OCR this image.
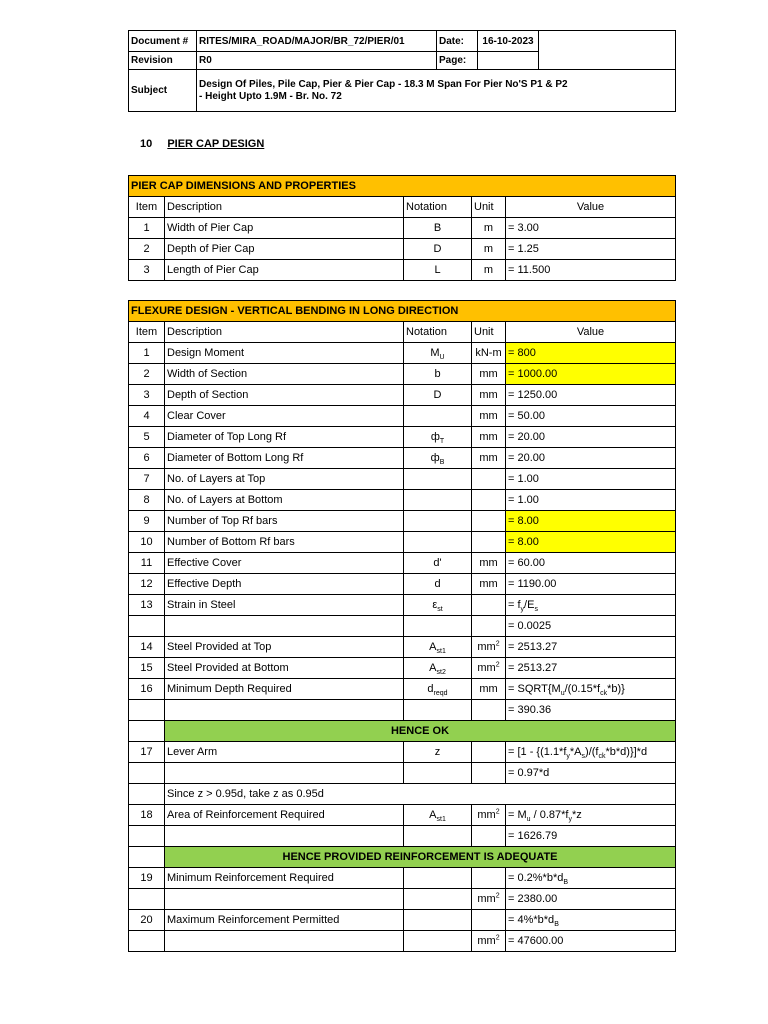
Document #	RITES/MIRA_ROAD/MAJOR/BR_72/PIER/01	Date:	16-10-2023	
Revision	R0	Page:		
Subject	Design Of Piles, Pile Cap, Pier & Pier Cap - 18.3 M Span For Pier No'S P1 & P2
- Height Upto 1.9M - Br. No. 72			
10 PIER CAP DESIGN
PIER CAP DIMENSIONS AND PROPERTIES				
Item	Description	Notation	Unit	Value
1	Width of Pier Cap	B	m	= 3.00
2	Depth of Pier Cap	D	m	= 1.25
3	Length of Pier Cap	L	m	= 11.500
FLEXURE DESIGN - VERTICAL BENDING IN LONG DIRECTION				
Item	Description	Notation	Unit	Value
1	Design Moment	$M_U$	kN-m	= 800
2	Width of Section	b	mm	= 1000.00
3	Depth of Section	D	mm	= 1250.00
4	Clear Cover		mm	= 50.00
5	Diameter of Top Long Rf	$ф_T$	mm	= 20.00
6	Diameter of Bottom Long Rf	$ф_B$	mm	= 20.00
7	No. of Layers at Top			= 1.00
8	No. of Layers at Bottom			= 1.00
9	Number of Top Rf bars			= 8.00
10	Number of Bottom Rf bars			= 8.00
11	Effective Cover	d'	mm	= 60.00
12	Effective Depth	d	mm	= 1190.00
13	Strain in Steel	$\varepsilon_{st}$		= $f_y/E_s$
				= 0.0025
14	Steel Provided at Top	$A_{st1}$	$mm^2$	= 2513.27
15	Steel Provided at Bottom	$A_{st2}$	$mm^2$	= 2513.27
16	Minimum Depth Required	$d_{reqd}$	mm	= $SQRT\{M_u/(0.15*f_{ck}*b)\}$
				= 390.36
	HENCE OK			
17	Lever Arm	z		= $[1 - \{(1.1*f_y*A_s)/(f_{ck}*b*d)\}]*d$
				= 0.97*d
	Since z > 0.95d, take z as 0.95d			
18	Area of Reinforcement Required	$A_{st1}$	$mm^2$	= $M_u / 0.87*f_y*z$
				= 1626.79
	HENCE PROVIDED REINFORCEMENT IS ADEQUATE			
19	Minimum Reinforcement Required			= $0.2\%*b*d_B$
			$mm^2$	= 2380.00
20	Maximum Reinforcement Permitted			= $4\%*b*d_B$
			$mm^2$	= 47600.00
